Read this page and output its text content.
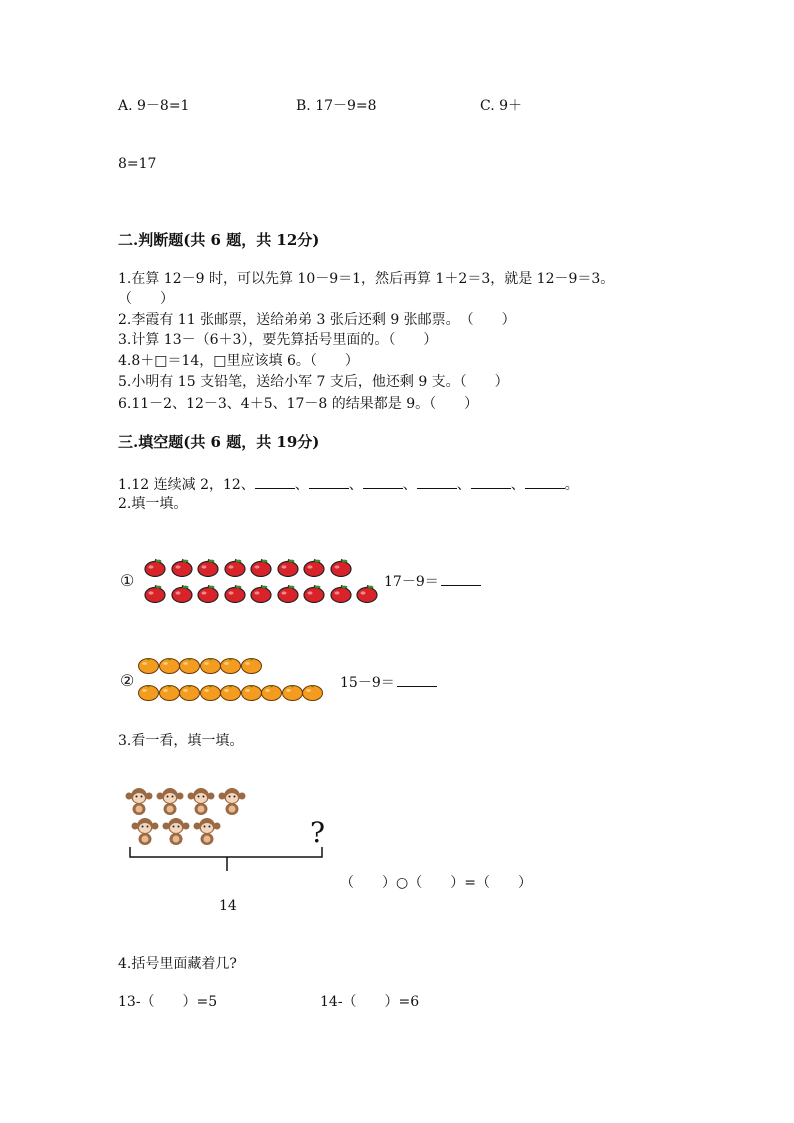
A. 9－8=1	B. 17－9=8	C. 9＋
8=17
二.判断题(共 6 题，共 12分)
1.在算 12－9 时，可以先算 10－9＝1，然后再算 1＋2＝3，就是 12－9＝3。
（　　）
2.李霞有 11 张邮票，送给弟弟 3 张后还剩 9 张邮票。　（　　）
3.计算 13－（6＋3），要先算括号里面的。（　　）
4.8＋□＝14，□里应该填 6。（　　）
5.小明有 15 支铅笔，送给小军 7 支后，他还剩 9 支。（　　）
6.11－2、12－3、4＋5、17－8 的结果都是 9。（　　）
三.填空题(共 6 题，共 19分)
1.12 连续减 2，12、	、	、	、	、	、	。
2.填一填。
①	17－9＝
②	15－9＝
3.看一看，填一填。
?
14
（　　）○（　　）=（　　）
4.括号里面藏着几?
13-（　　）=5	14-（　　）=6
